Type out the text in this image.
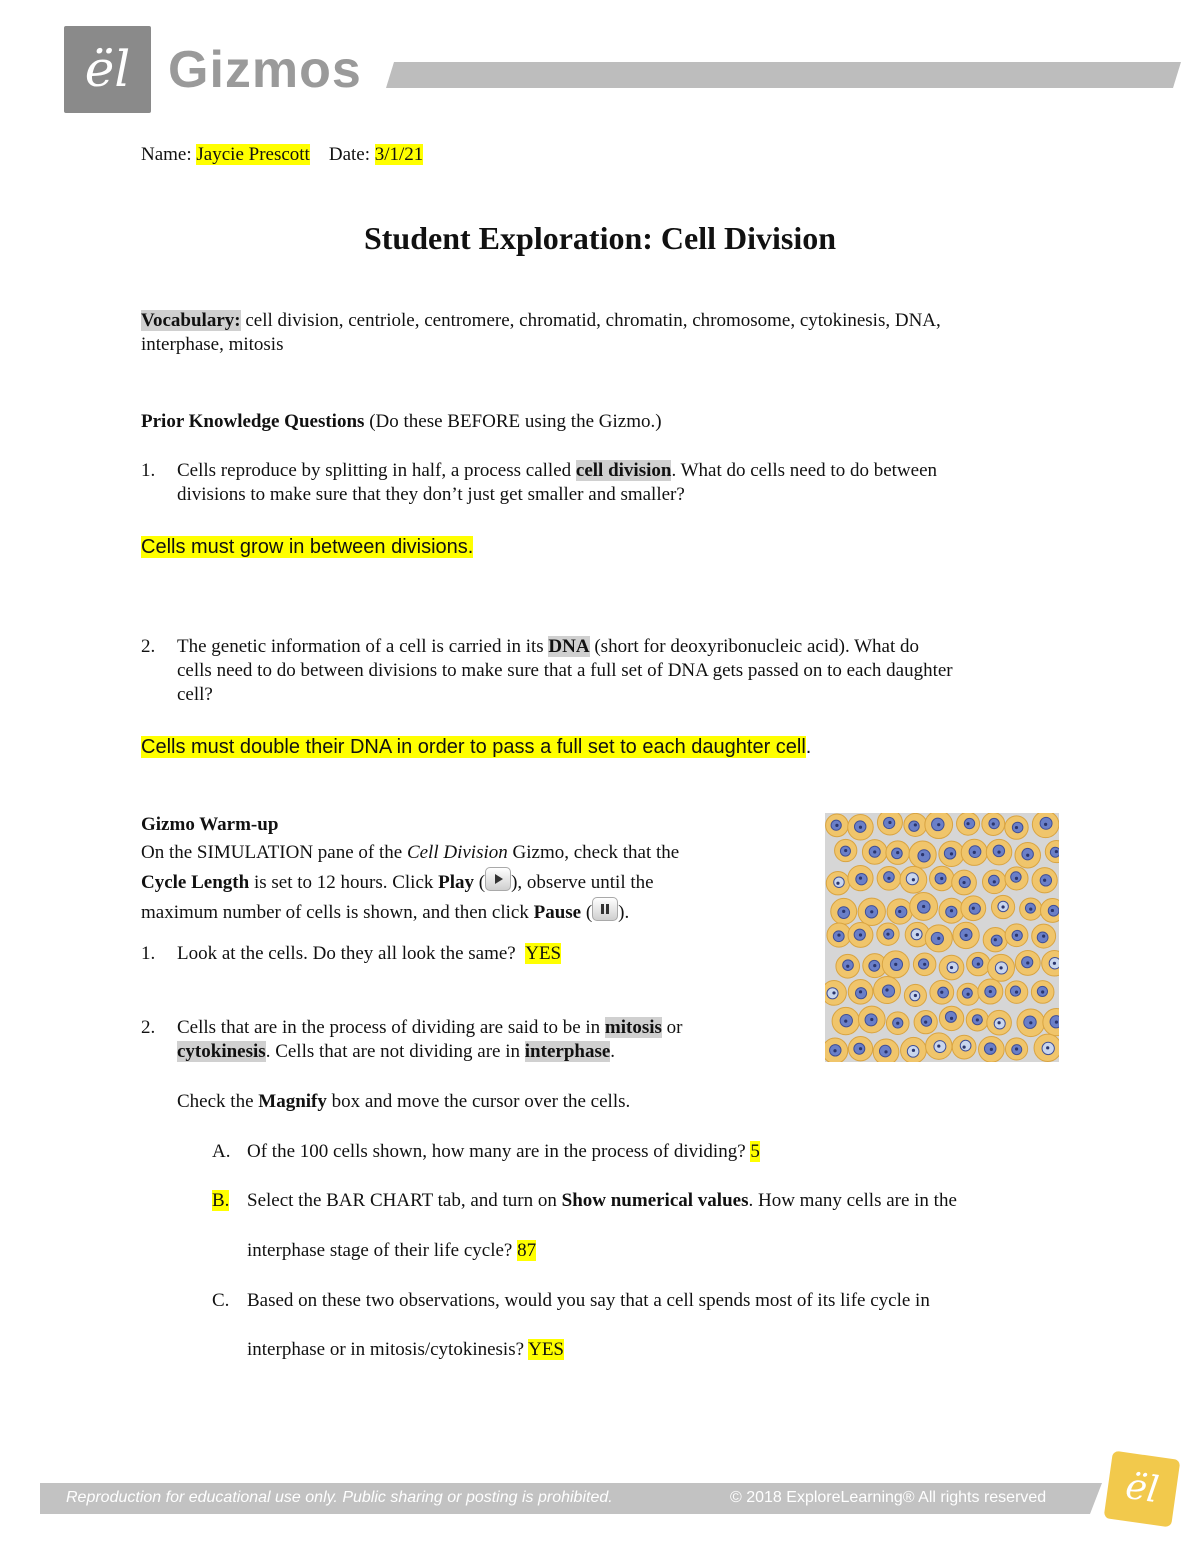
ël Gizmos
Name: Jaycie Prescott Date: 3/1/21
Student Exploration: Cell Division
Vocabulary: cell division, centriole, centromere, chromatid, chromatin, chromosome, cytokinesis, DNA,
interphase, mitosis
Prior Knowledge Questions (Do these BEFORE using the Gizmo.)
1. Cells reproduce by splitting in half, a process called cell division. What do cells need to do between
divisions to make sure that they don’t just get smaller and smaller?
Cells must grow in between divisions.
2. The genetic information of a cell is carried in its DNA (short for deoxyribonucleic acid). What do
cells need to do between divisions to make sure that a full set of DNA gets passed on to each daughter
cell?
Cells must double their DNA in order to pass a full set to each daughter cell.
Gizmo Warm-up
On the SIMULATION pane of the Cell Division Gizmo, check that the
Cycle Length is set to 12 hours. Click Play ( ), observe until the
maximum number of cells is shown, and then click Pause ( ).
1. Look at the cells. Do they all look the same? YES
2. Cells that are in the process of dividing are said to be in mitosis or
cytokinesis. Cells that are not dividing are in interphase.
Check the Magnify box and move the cursor over the cells.
A. Of the 100 cells shown, how many are in the process of dividing? 5
B. Select the BAR CHART tab, and turn on Show numerical values. How many cells are in the
interphase stage of their life cycle? 87
C. Based on these two observations, would you say that a cell spends most of its life cycle in
interphase or in mitosis/cytokinesis? YES
Reproduction for educational use only. Public sharing or posting is prohibited.	© 2018 ExploreLearning® All rights reserved	ël
